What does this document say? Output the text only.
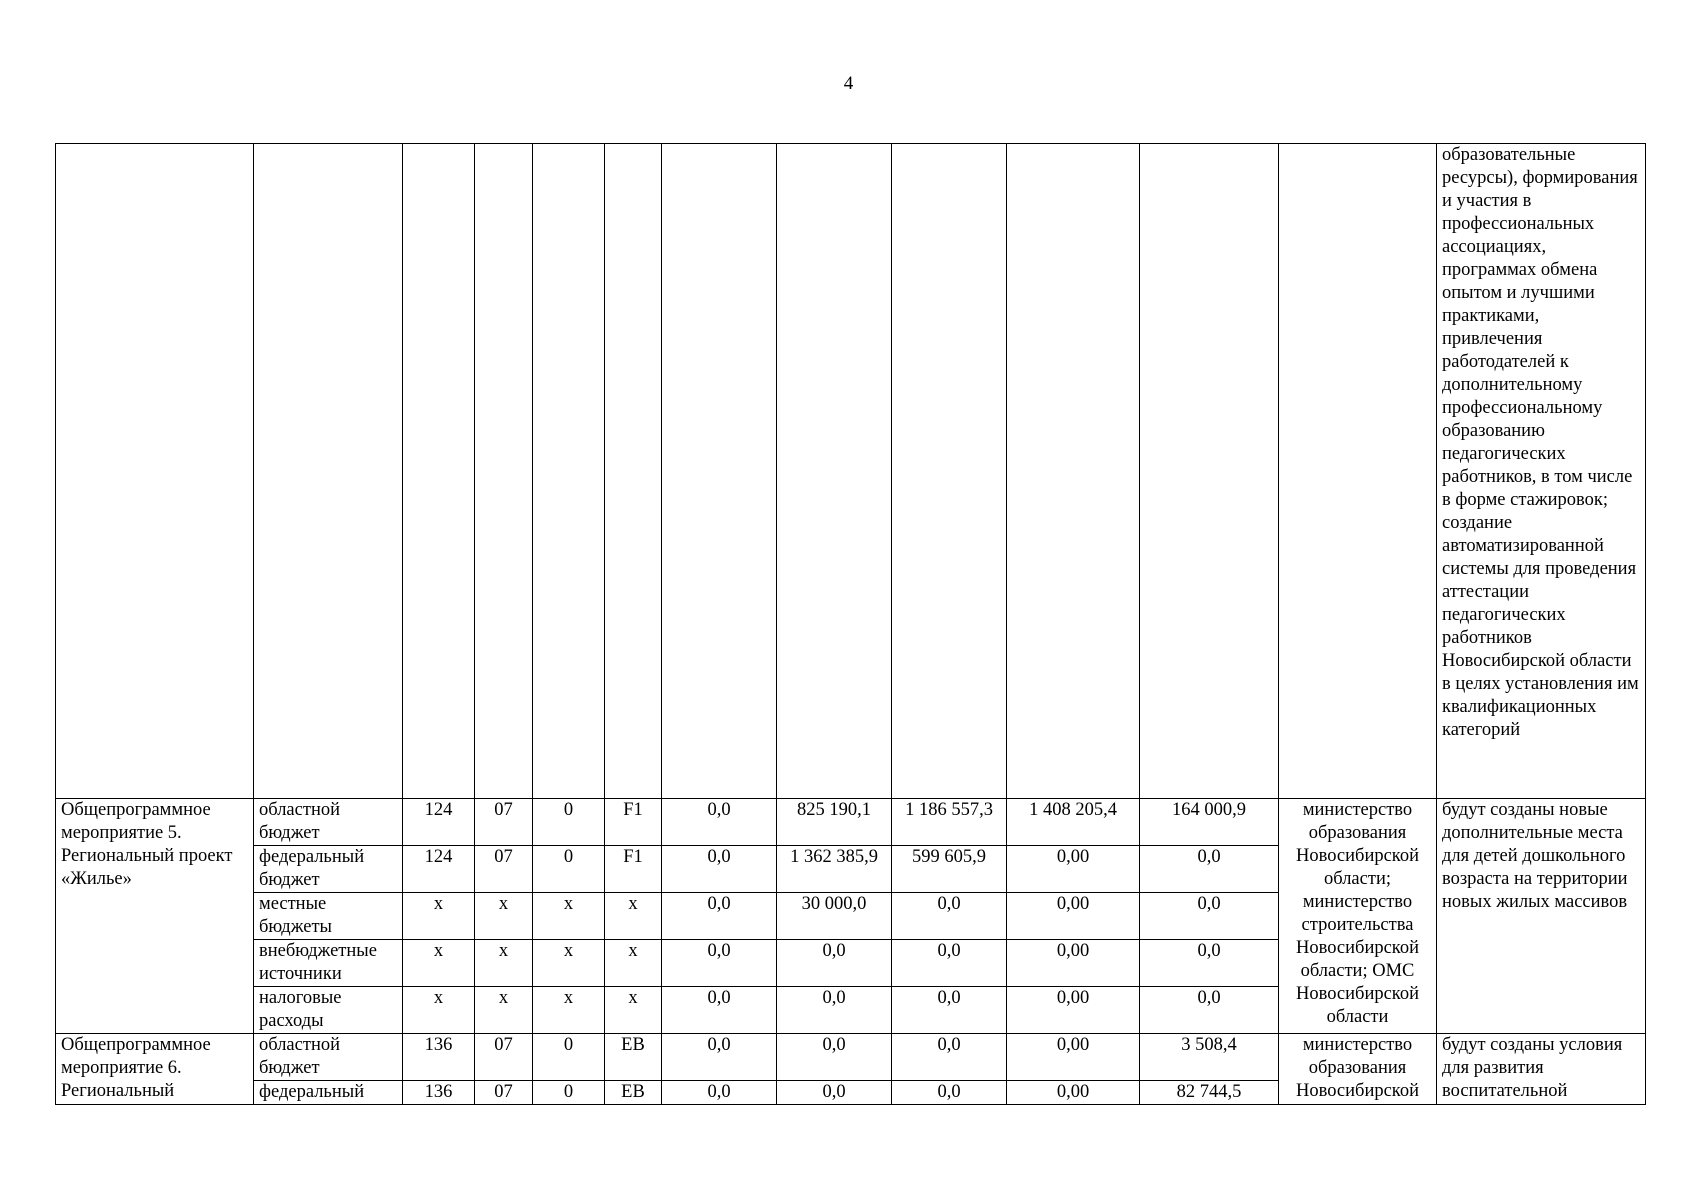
4
												образовательные ресурсы), формирования и участия в профессиональных ассоциациях, программах обмена опытом и лучшими практиками, привлечения работодателей к дополнительному профессиональному образованию педагогических работников, в том числе в форме стажировок; создание автоматизированной системы для проведения аттестации педагогических работников Новосибирской области в целях установления им квалификационных категорий
Общепрограммное мероприятие 5. Региональный проект «Жилье»	областной бюджет	124	07	0	F1	0,0	825 190,1	1 186 557,3	1 408 205,4	164 000,9	министерство образования Новосибирской области; министерство строительства Новосибирской области; ОМС Новосибирской области	будут созданы новые дополнительные места для детей дошкольного возраста на территории новых жилых массивов
	федеральный бюджет	124	07	0	F1	0,0	1 362 385,9	599 605,9	0,00	0,0		
	местные бюджеты	х	х	х	х	0,0	30 000,0	0,0	0,00	0,0		
	внебюджетные источники	х	х	х	х	0,0	0,0	0,0	0,00	0,0		
	налоговые расходы	х	х	х	х	0,0	0,0	0,0	0,00	0,0		
Общепрограммное мероприятие 6. Региональный	областной бюджет	136	07	0	ЕВ	0,0	0,0	0,0	0,00	3 508,4	министерство образования Новосибирской	будут созданы условия для развития воспитательной
	федеральный	136	07	0	ЕВ	0,0	0,0	0,0	0,00	82 744,5		
